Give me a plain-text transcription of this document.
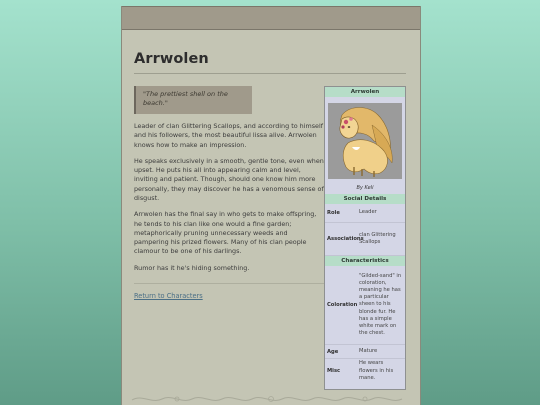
Arrwolen
"The prettiest shell on the beach."

Leader of clan Glittering Scallops, and according to himself and his followers, the most beautiful lissa alive. Arrwolen knows how to make an impression.

He speaks exclusively in a smooth, gentle tone, even when upset. He puts his all into appearing calm and level, inviting and patient. Though, should one know him more personally, they may discover he has a venomous sense of disgust.

Arrwolen has the final say in who gets to make offspring, he tends to his clan like one would a fine garden; metaphorically pruning unnecessary weeds and pampering his prized flowers. Many of his clan people clamour to be one of his darlings.

Rumor has it he's hiding something.

Return to Characters
Arrwolen
By Keli
Social Details
Role	Leader
Associations
clan Glittering Scallops
Characteristics
Coloration
"Gilded-sand" in coloration, meaning he has a particular sheen to his blonde fur. He has a simple white mark on the chest.
Age	Mature
Misc
He wears flowers in his mane.
